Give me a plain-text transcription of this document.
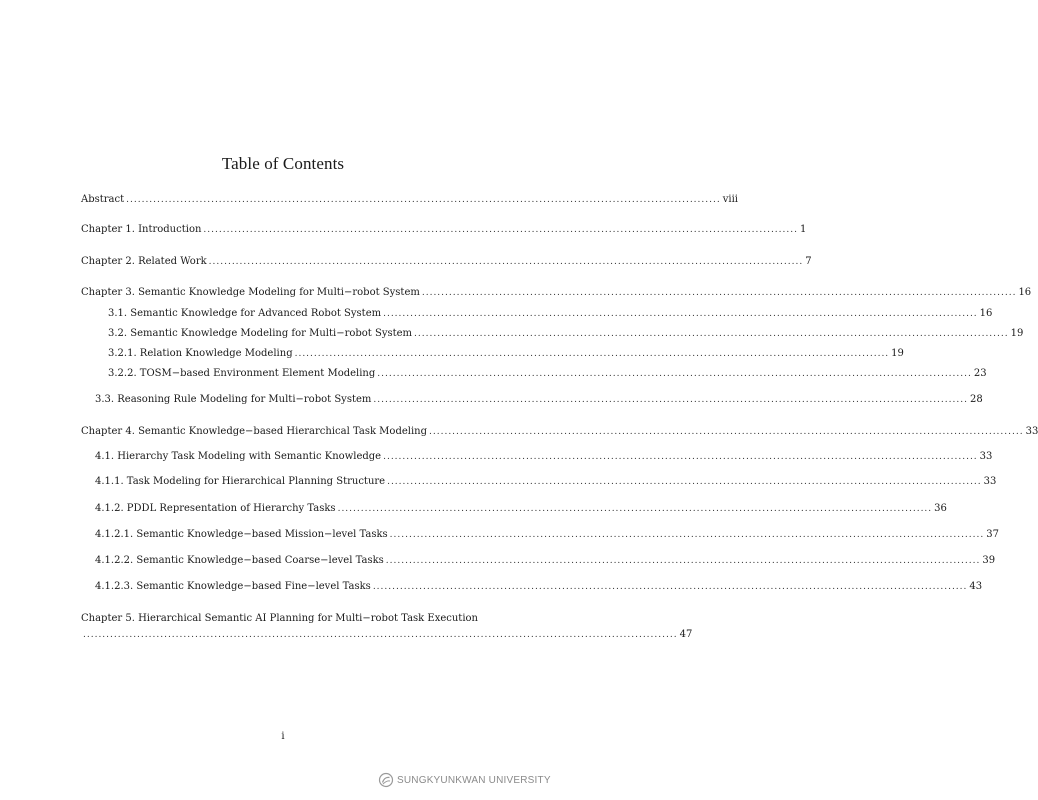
Table of Contents
Abstract .......................................................................................................................................................... viii
Chapter 1. Introduction .......................................................................................................................................................... 1
Chapter 2. Related Work .......................................................................................................................................................... 7
Chapter 3. Semantic Knowledge Modeling for Multi−robot System .......................................................................................................................................................... 16
3.1. Semantic Knowledge for Advanced Robot System .......................................................................................................................................................... 16
3.2. Semantic Knowledge Modeling for Multi−robot System .......................................................................................................................................................... 19
3.2.1. Relation Knowledge Modeling .......................................................................................................................................................... 19
3.2.2. TOSM−based Environment Element Modeling .......................................................................................................................................................... 23
3.3. Reasoning Rule Modeling for Multi−robot System .......................................................................................................................................................... 28
Chapter 4. Semantic Knowledge−based Hierarchical Task Modeling .......................................................................................................................................................... 33
4.1. Hierarchy Task Modeling with Semantic Knowledge .......................................................................................................................................................... 33
4.1.1. Task Modeling for Hierarchical Planning Structure .......................................................................................................................................................... 33
4.1.2. PDDL Representation of Hierarchy Tasks .......................................................................................................................................................... 36
4.1.2.1. Semantic Knowledge−based Mission−level Tasks .......................................................................................................................................................... 37
4.1.2.2. Semantic Knowledge−based Coarse−level Tasks .......................................................................................................................................................... 39
4.1.2.3. Semantic Knowledge−based Fine−level Tasks .......................................................................................................................................................... 43
Chapter 5. Hierarchical Semantic AI Planning for Multi−robot Task Execution
.......................................................................................................................................................... 47
i
SUNGKYUNKWAN UNIVERSITY
